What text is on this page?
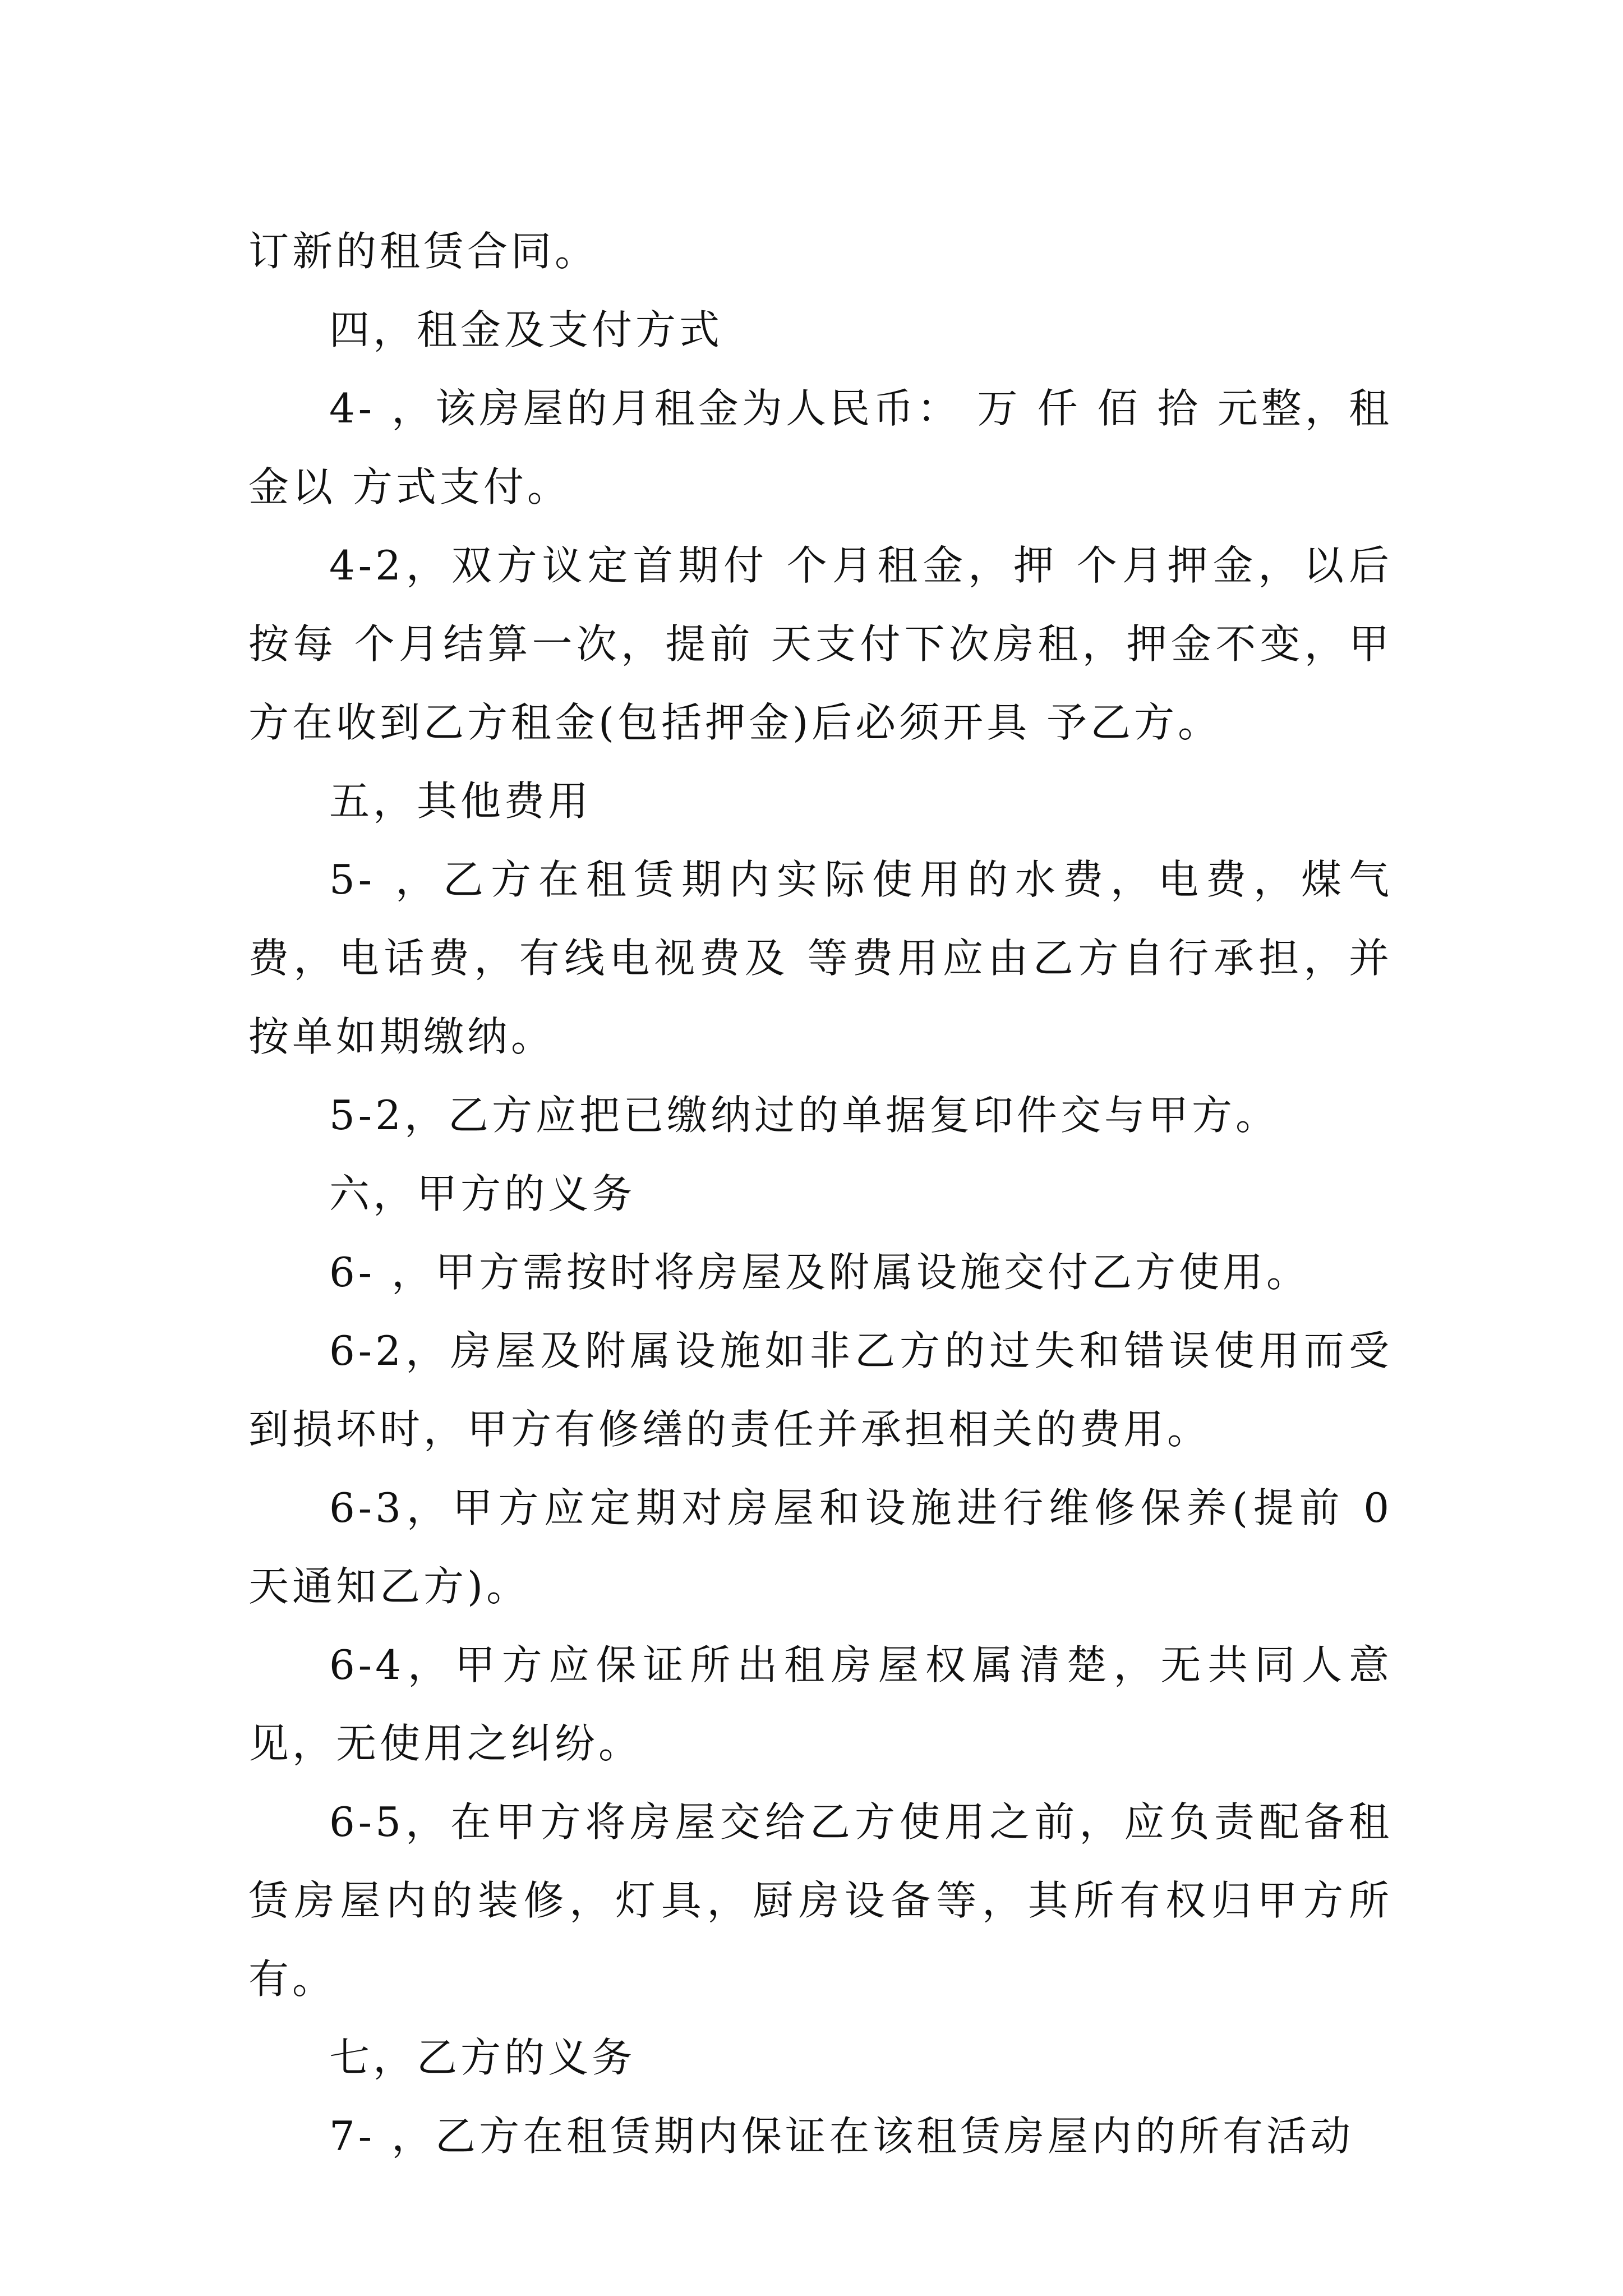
订新的租赁合同。

四，租金及支付方式

4- ，该房屋的月租金为人民币： 万 仟 佰 拾 元整，租金以 方式支付。

4-2，双方议定首期付 个月租金，押 个月押金，以后按每 个月结算一次，提前 天支付下次房租，押金不变，甲方在收到乙方租金(包括押金)后必须开具 予乙方。

五，其他费用

5- ，乙方在租赁期内实际使用的水费，电费，煤气费，电话费，有线电视费及 等费用应由乙方自行承担，并按单如期缴纳。

5-2，乙方应把已缴纳过的单据复印件交与甲方。

六，甲方的义务

6- ，甲方需按时将房屋及附属设施交付乙方使用。

6-2，房屋及附属设施如非乙方的过失和错误使用而受到损坏时，甲方有修缮的责任并承担相关的费用。

6-3，甲方应定期对房屋和设施进行维修保养(提前 0 天通知乙方)。

6-4，甲方应保证所出租房屋权属清楚，无共同人意见，无使用之纠纷。

6-5，在甲方将房屋交给乙方使用之前，应负责配备租赁房屋内的装修，灯具，厨房设备等，其所有权归甲方所有。

七，乙方的义务

7- ，乙方在租赁期内保证在该租赁房屋内的所有活动
